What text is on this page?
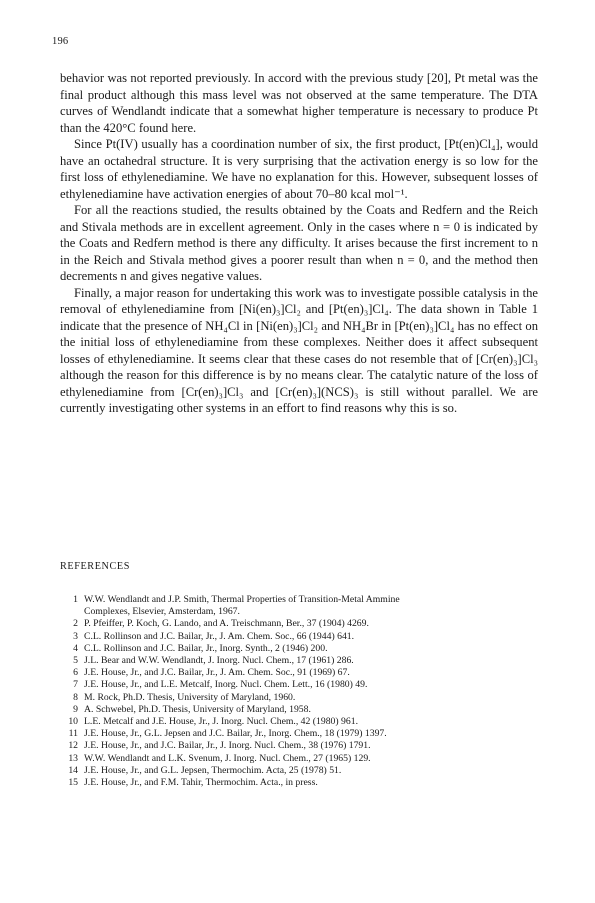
196

behavior was not reported previously. In accord with the previous study [20], Pt metal was the final product although this mass level was not observed at the same temperature. The DTA curves of Wendlandt indicate that a somewhat higher temperature is necessary to produce Pt than the 420°C found here.

Since Pt(IV) usually has a coordination number of six, the first product, [Pt(en)Cl₄], would have an octahedral structure. It is very surprising that the activation energy is so low for the first loss of ethylenediamine. We have no explanation for this. However, subsequent losses of ethylenediamine have activation energies of about 70–80 kcal mol⁻¹.

For all the reactions studied, the results obtained by the Coats and Redfern and the Reich and Stivala methods are in excellent agreement. Only in the cases where n = 0 is indicated by the Coats and Redfern method is there any difficulty. It arises because the first increment to n in the Reich and Stivala method gives a poorer result than when n = 0, and the method then decrements n and gives negative values.

Finally, a major reason for undertaking this work was to investigate possible catalysis in the removal of ethylenediamine from [Ni(en)₃]Cl₂ and [Pt(en)₃]Cl₄. The data shown in Table 1 indicate that the presence of NH₄Cl in [Ni(en)₃]Cl₂ and NH₄Br in [Pt(en)₃]Cl₄ has no effect on the initial loss of ethylenediamine from these complexes. Neither does it affect subsequent losses of ethylenediamine. It seems clear that these cases do not resemble that of [Cr(en)₃]Cl₃ although the reason for this difference is by no means clear. The catalytic nature of the loss of ethylenediamine from [Cr(en)₃]Cl₃ and [Cr(en)₃](NCS)₃ is still without parallel. We are currently investigating other systems in an effort to find reasons why this is so.

REFERENCES
1 W.W. Wendlandt and J.P. Smith, Thermal Properties of Transition-Metal Ammine
Complexes, Elsevier, Amsterdam, 1967.
2 P. Pfeiffer, P. Koch, G. Lando, and A. Treischmann, Ber., 37 (1904) 4269.
3 C.L. Rollinson and J.C. Bailar, Jr., J. Am. Chem. Soc., 66 (1944) 641.
4 C.L. Rollinson and J.C. Bailar, Jr., Inorg. Synth., 2 (1946) 200.
5 J.L. Bear and W.W. Wendlandt, J. Inorg. Nucl. Chem., 17 (1961) 286.
6 J.E. House, Jr., and J.C. Bailar, Jr., J. Am. Chem. Soc., 91 (1969) 67.
7 J.E. House, Jr., and L.E. Metcalf, Inorg. Nucl. Chem. Lett., 16 (1980) 49.
8 M. Rock, Ph.D. Thesis, University of Maryland, 1960.
9 A. Schwebel, Ph.D. Thesis, University of Maryland, 1958.
10 L.E. Metcalf and J.E. House, Jr., J. Inorg. Nucl. Chem., 42 (1980) 961.
11 J.E. House, Jr., G.L. Jepsen and J.C. Bailar, Jr., Inorg. Chem., 18 (1979) 1397.
12 J.E. House, Jr., and J.C. Bailar, Jr., J. Inorg. Nucl. Chem., 38 (1976) 1791.
13 W.W. Wendlandt and L.K. Svenum, J. Inorg. Nucl. Chem., 27 (1965) 129.
14 J.E. House, Jr., and G.L. Jepsen, Thermochim. Acta, 25 (1978) 51.
15 J.E. House, Jr., and F.M. Tahir, Thermochim. Acta., in press.
